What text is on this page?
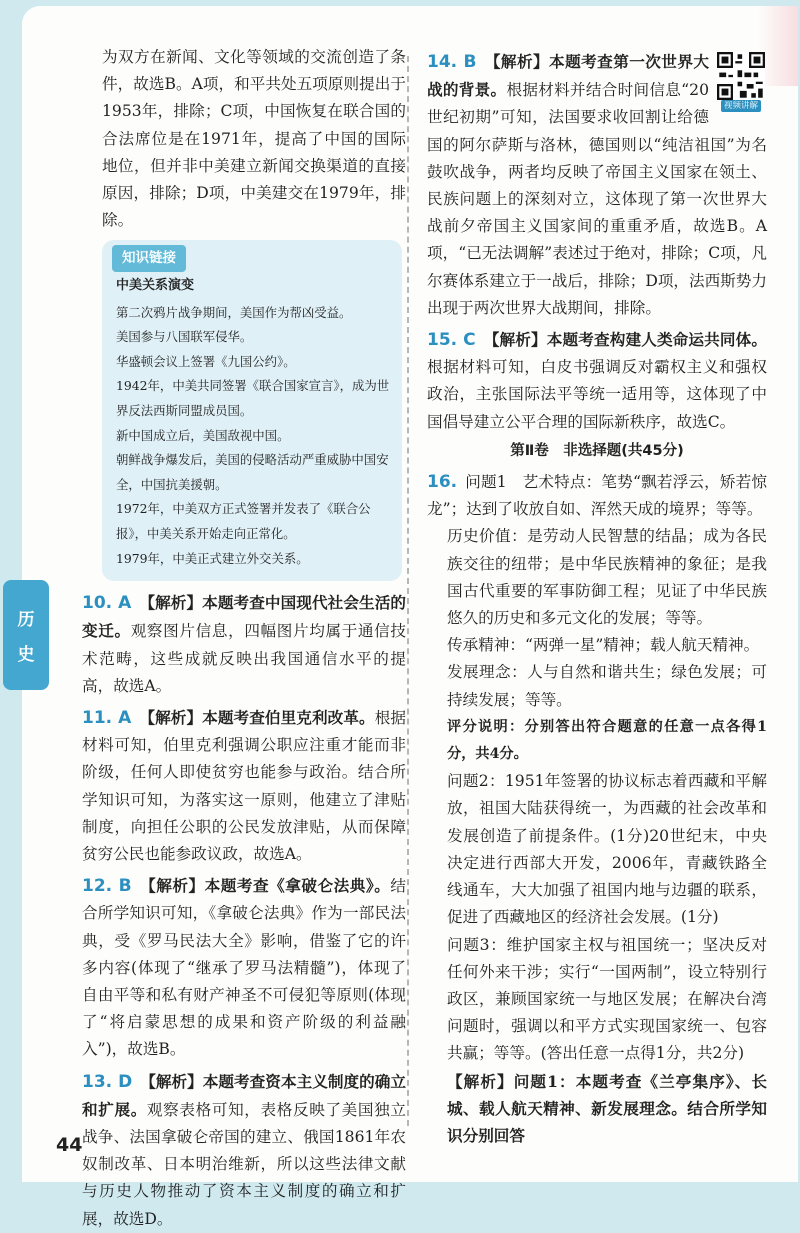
为双方在新闻、文化等领域的交流创造了条件，故选B。A项，和平共处五项原则提出于1953年，排除；C项，中国恢复在联合国的合法席位是在1971年，提高了中国的国际地位，但并非中美建立新闻交换渠道的直接原因，排除；D项，中美建交在1979年，排除。

知识链接
中美关系演变
第二次鸦片战争期间，美国作为帮凶受益。
美国参与八国联军侵华。
华盛顿会议上签署《九国公约》。
1942年，中美共同签署《联合国家宣言》，成为世界反法西斯同盟成员国。
新中国成立后，美国敌视中国。
朝鲜战争爆发后，美国的侵略活动严重威胁中国安全，中国抗美援朝。
1972年，中美双方正式签署并发表了《联合公报》，中美关系开始走向正常化。
1979年，中美正式建立外交关系。

10. A 【解析】本题考查中国现代社会生活的变迁。观察图片信息，四幅图片均属于通信技术范畴，这些成就反映出我国通信水平的提高，故选A。

11. A 【解析】本题考查伯里克利改革。根据材料可知，伯里克利强调公职应注重才能而非阶级，任何人即使贫穷也能参与政治。结合所学知识可知，为落实这一原则，他建立了津贴制度，向担任公职的公民发放津贴，从而保障贫穷公民也能参政议政，故选A。

12. B 【解析】本题考查《拿破仑法典》。结合所学知识可知，《拿破仑法典》作为一部民法典，受《罗马民法大全》影响，借鉴了它的许多内容(体现了“继承了罗马法精髓”)，体现了自由平等和私有财产神圣不可侵犯等原则(体现了“将启蒙思想的成果和资产阶级的利益融入”)，故选B。

13. D 【解析】本题考查资本主义制度的确立和扩展。观察表格可知，表格反映了美国独立战争、法国拿破仑帝国的建立、俄国1861年农奴制改革、日本明治维新，所以这些法律文献与历史人物推动了资本主义制度的确立和扩展，故选D。

视频讲解
14. B 【解析】本题考查第一次世界大战的背景。根据材料并结合时间信息“20世纪初期”可知，法国要求收回割让给德国的阿尔萨斯与洛林，德国则以“纯洁祖国”为名鼓吹战争，两者均反映了帝国主义国家在领土、民族问题上的深刻对立，这体现了第一次世界大战前夕帝国主义国家间的重重矛盾，故选B。A项，“已无法调解”表述过于绝对，排除；C项，凡尔赛体系建立于一战后，排除；D项，法西斯势力出现于两次世界大战期间，排除。

15. C 【解析】本题考查构建人类命运共同体。根据材料可知，白皮书强调反对霸权主义和强权政治，主张国际法平等统一适用等，这体现了中国倡导建立公平合理的国际新秩序，故选C。

第Ⅱ卷　非选择题(共45分)

16. 问题1　艺术特点：笔势“飘若浮云，矫若惊龙”；达到了收放自如、浑然天成的境界；等等。

历史价值：是劳动人民智慧的结晶；成为各民族交往的纽带；是中华民族精神的象征；是我国古代重要的军事防御工程；见证了中华民族悠久的历史和多元文化的发展；等等。

传承精神：“两弹一星”精神；载人航天精神。

发展理念：人与自然和谐共生；绿色发展；可持续发展；等等。

评分说明：分别答出符合题意的任意一点各得1分，共4分。

问题2：1951年签署的协议标志着西藏和平解放，祖国大陆获得统一，为西藏的社会改革和发展创造了前提条件。(1分)20世纪末，中央决定进行西部大开发，2006年，青藏铁路全线通车，大大加强了祖国内地与边疆的联系，促进了西藏地区的经济社会发展。(1分)

问题3：维护国家主权与祖国统一；坚决反对任何外来干涉；实行“一国两制”，设立特别行政区，兼顾国家统一与地区发展；在解决台湾问题时，强调以和平方式实现国家统一、包容共赢；等等。(答出任意一点得1分，共2分)

【解析】问题1：本题考查《兰亭集序》、长城、载人航天精神、新发展理念。结合所学知识分别回答

44
历
史
